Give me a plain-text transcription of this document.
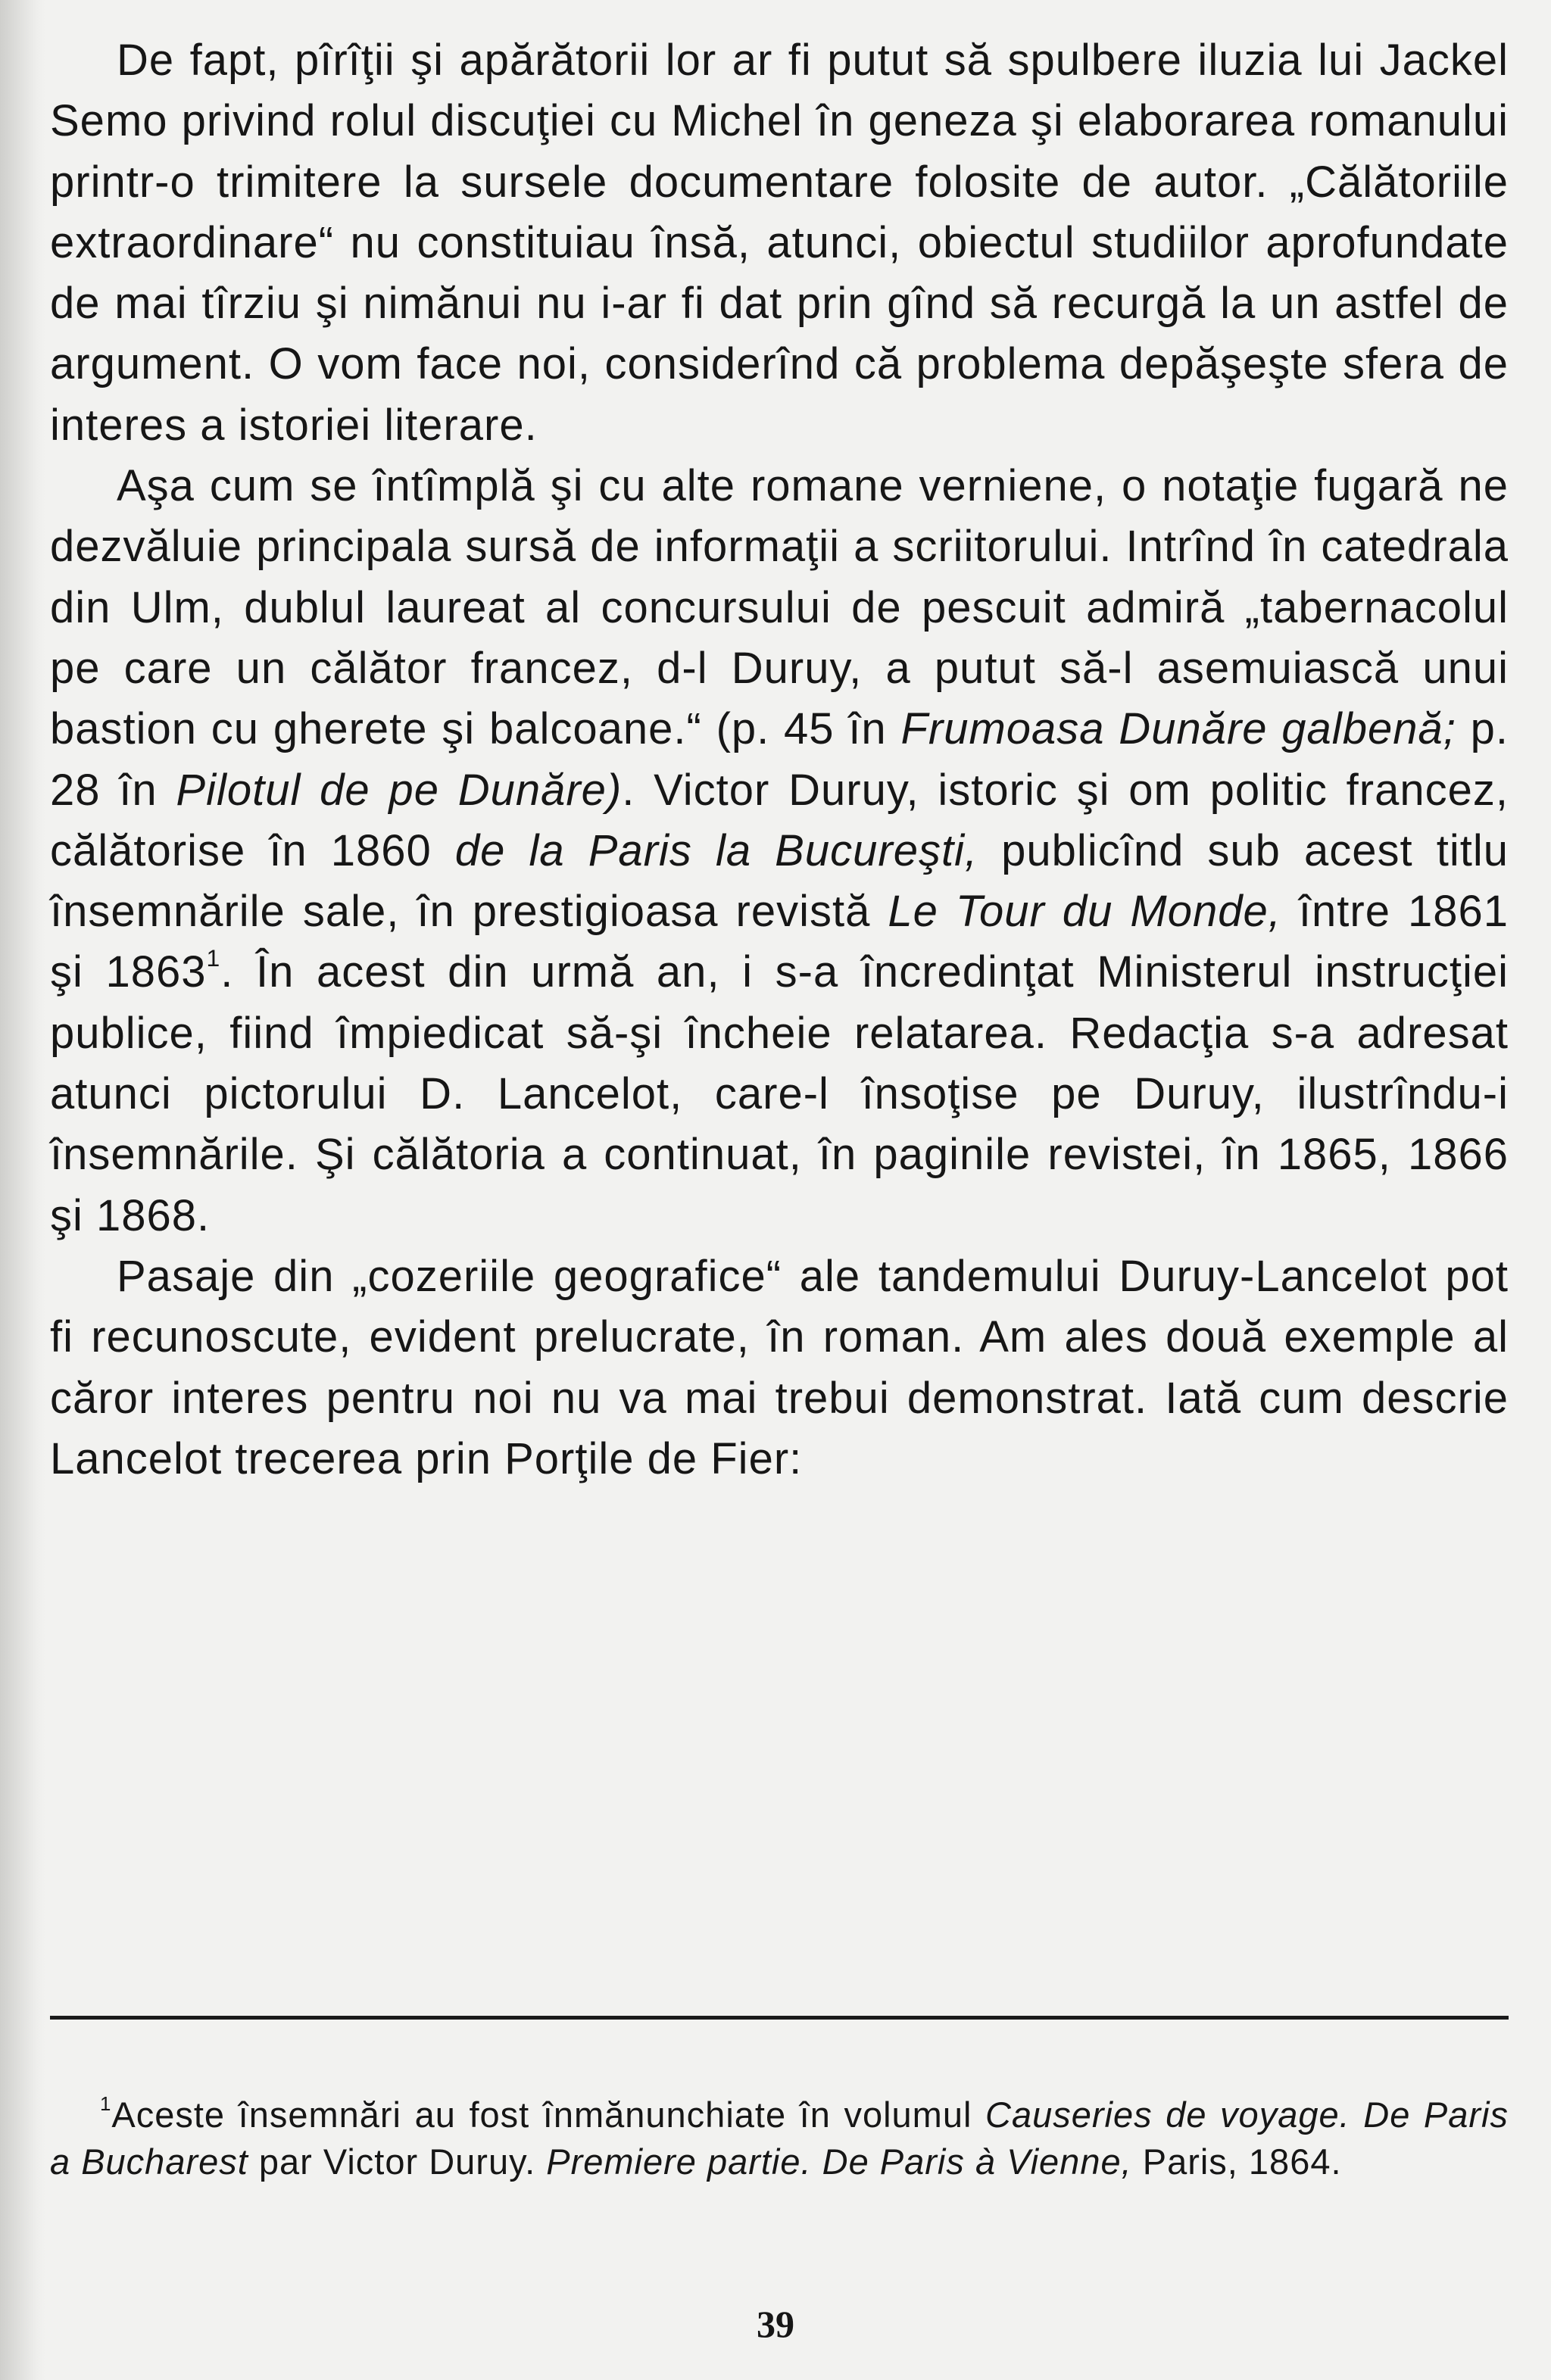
De fapt, pîrîţii şi apărătorii lor ar fi putut să spulbere iluzia lui Jackel Semo privind rolul discuţiei cu Michel în geneza şi elaborarea romanului printr-o trimitere la sursele documentare folosite de autor. „Călătoriile extraordinare“ nu constituiau însă, atunci, obiectul studiilor aprofundate de mai tîrziu şi nimănui nu i-ar fi dat prin gînd să recurgă la un astfel de argument. O vom face noi, considerînd că problema depăşeşte sfera de interes a istoriei literare.

Aşa cum se întîmplă şi cu alte romane verniene, o notaţie fugară ne dezvăluie principala sursă de informaţii a scriitorului. Intrînd în catedrala din Ulm, dublul laureat al concursului de pescuit admiră „tabernacolul pe care un călător francez, d-l Duruy, a putut să-l asemuiască unui bastion cu gherete şi balcoane.“ (p. 45 în Frumoasa Dunăre galbenă; p. 28 în Pilotul de pe Dunăre). Victor Duruy, istoric şi om politic francez, călătorise în 1860 de la Paris la Bucureşti, publicînd sub acest titlu însemnările sale, în prestigioasa revistă Le Tour du Monde, între 1861 şi 1863$^1$. În acest din urmă an, i s-a încredinţat Ministerul instrucţiei publice, fiind împiedicat să-şi încheie relatarea. Redacţia s-a adresat atunci pictorului D. Lancelot, care-l însoţise pe Duruy, ilustrîndu-i însemnările. Şi călătoria a continuat, în paginile revistei, în 1865, 1866 şi 1868.

Pasaje din „cozeriile geografice“ ale tandemului Duruy-Lancelot pot fi recunoscute, evident prelucrate, în roman. Am ales două exemple al căror interes pentru noi nu va mai trebui demonstrat. Iată cum descrie Lancelot trecerea prin Porţile de Fier:

$^1$Aceste însemnări au fost înmănunchiate în volumul Causeries de voyage. De Paris a Bucharest par Victor Duruy. Premiere partie. De Paris à Vienne, Paris, 1864.

39
